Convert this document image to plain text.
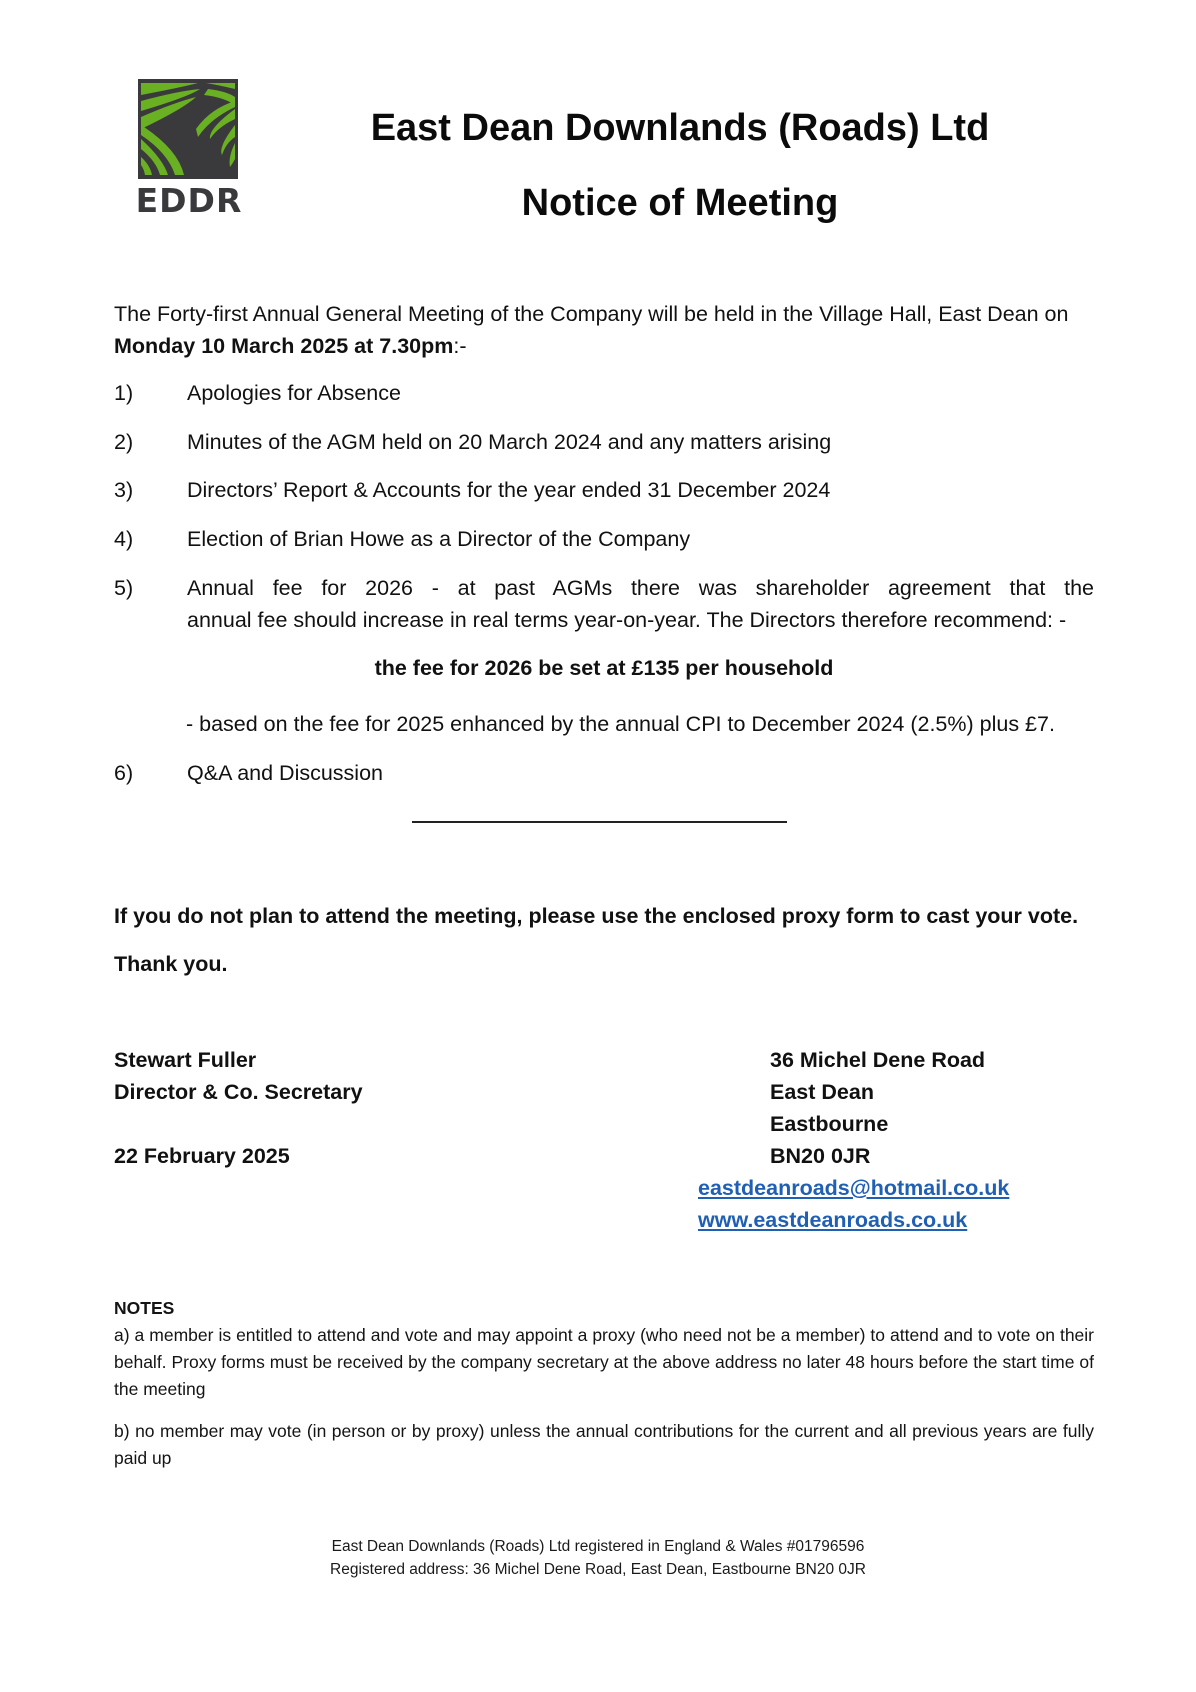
EDDR
East Dean Downlands (Roads) Ltd
Notice of Meeting
The Forty-first Annual General Meeting of the Company will be held in the Village Hall, East Dean on
Monday 10 March 2025 at 7.30pm:-
1)	Apologies for Absence
2)	Minutes of the AGM held on 20 March 2024 and any matters arising
3)	Directors’ Report & Accounts for the year ended 31 December 2024
4)	Election of Brian Howe as a Director of the Company
5)	Annual fee for 2026 - at past AGMs there was shareholder agreement that the
annual fee should increase in real terms year-on-year. The Directors therefore recommend: -
the fee for 2026 be set at £135 per household
- based on the fee for 2025 enhanced by the annual CPI to December 2024 (2.5%) plus £7.
6)	Q&A and Discussion
If you do not plan to attend the meeting, please use the enclosed proxy form to cast your vote.
Thank you.
Stewart Fuller
Director & Co. Secretary
22 February 2025
36 Michel Dene Road
East Dean
Eastbourne
BN20 0JR
eastdeanroads@hotmail.co.uk
www.eastdeanroads.co.uk
NOTES
a) a member is entitled to attend and vote and may appoint a proxy (who need not be a member) to attend and to vote on their behalf. Proxy forms must be received by the company secretary at the above address no later 48 hours before the start time of the meeting
b) no member may vote (in person or by proxy) unless the annual contributions for the current and all previous years are fully paid up
East Dean Downlands (Roads) Ltd registered in England & Wales #01796596
Registered address: 36 Michel Dene Road, East Dean, Eastbourne BN20 0JR
